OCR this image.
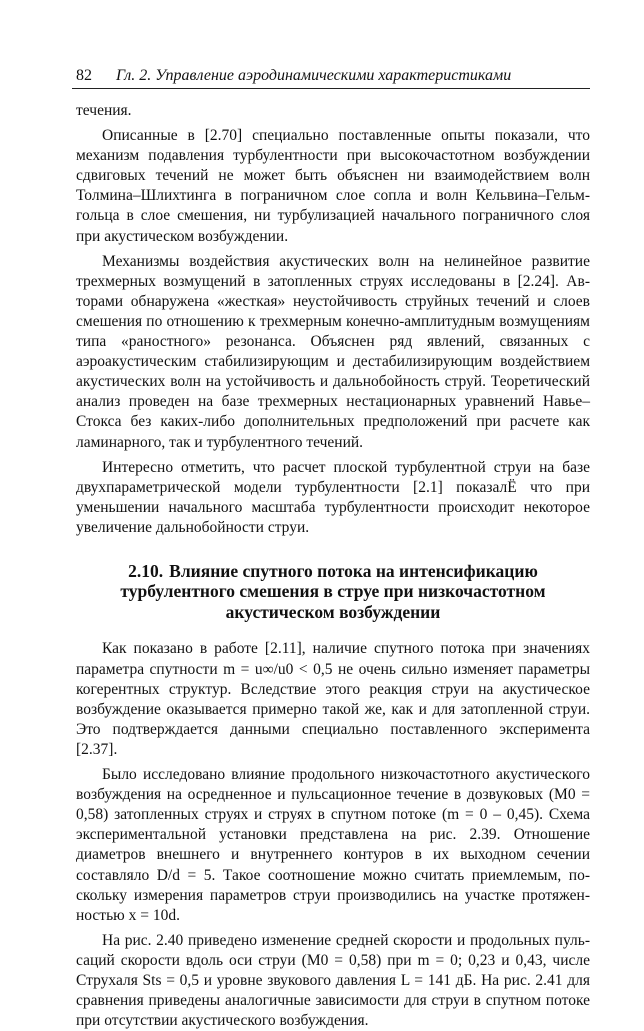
82 Гл. 2. Управление аэродинамическими характеристиками

течения.

Описанные в [2.70] специально поставленные опыты показали, что механизм подавления турбулентности при высокочастотном возбуждении сдвиговых течений не может быть объяснен ни взаимодействием волн Толмина–Шлихтинга в пограничном слое сопла и волн Кельвина–Гельмгольца в слое смешения, ни турбулизацией начального пограничного слоя при акустическом возбуждении.

Механизмы воздействия акустических волн на нелинейное развитие трехмерных возмущений в затопленных струях исследованы в [2.24]. Авторами обнаружена «жесткая» неустойчивость струйных течений и слоев смешения по отношению к трехмерным конечно-амплитудным возмущениям типа «раностного» резонанса. Объяснен ряд явлений, связанных с аэроакустическим стабилизирующим и дестабилизирующим воздействием акустических волн на устойчивость и дальнобойность струй. Теоретический анализ проведен на базе трехмерных нестационарных уравнений Навье–Стокса без каких-либо дополнительных предположений при расчете как ламинарного, так и турбулентного течений.

Интересно отметить, что расчет плоской турбулентной струи на базе двухпараметрической модели турбулентности [2.1] показалЁ что при уменьшении начального масштаба турбулентности происходит некоторое увеличение дальнобойности струи.

2.10. Влияние спутного потока на интенсификацию
турбулентного смешения в струе при низкочастотном
акустическом возбуждении

Как показано в работе [2.11], наличие спутного потока при значениях параметра спутности m = u∞/u0 < 0,5 не очень сильно изменяет параметры когерентных структур. Вследствие этого реакция струи на акустическое возбуждение оказывается примерно такой же, как и для затопленной струи. Это подтверждается данными специально поставленного эксперимента [2.37].

Было исследовано влияние продольного низкочастотного акустического возбуждения на осредненное и пульсационное течение в дозвуковых (M0 = 0,58) затопленных струях и струях в спутном потоке (m = 0 – 0,45). Схема экспериментальной установки представлена на рис. 2.39. Отношение диаметров внешнего и внутреннего контуров в их выходном сечении составляло D/d = 5. Такое соотношение можно считать приемлемым, поскольку измерения параметров струи производились на участке протяженностью x = 10d.

На рис. 2.40 приведено изменение средней скорости и продольных пульсаций скорости вдоль оси струи (M0 = 0,58) при m = 0; 0,23 и 0,43, числе Струхаля Sts = 0,5 и уровне звукового давления L = 141 дБ. На рис. 2.41 для сравнения приведены аналогичные зависимости для струи в спутном потоке при отсутствии акустического возбуждения.
